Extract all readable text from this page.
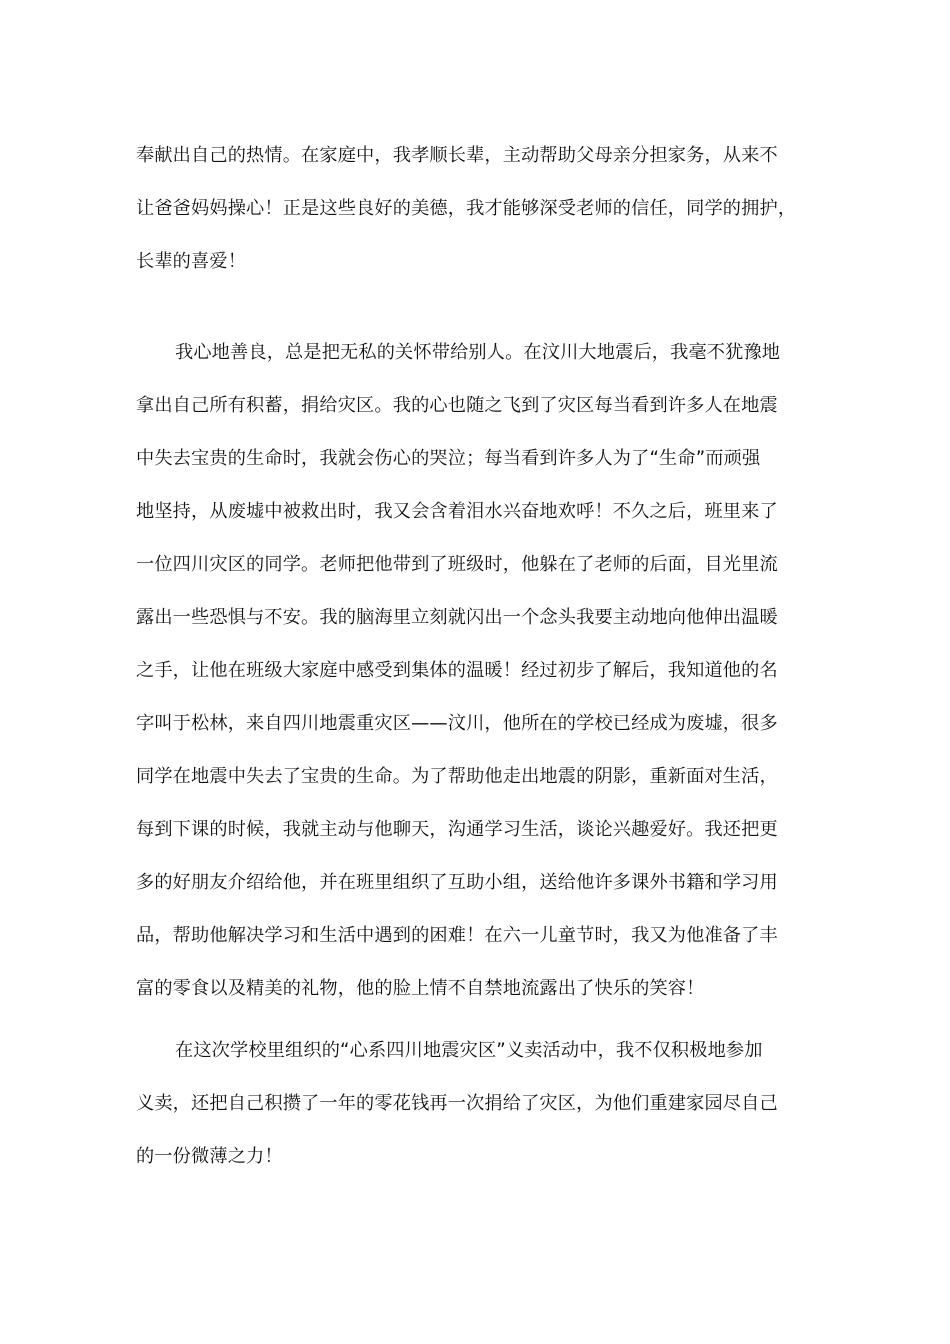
奉献出自己的热情。在家庭中，我孝顺长辈，主动帮助父母亲分担家务，从来不
让爸爸妈妈操心！正是这些良好的美德，我才能够深受老师的信任，同学的拥护，
长辈的喜爱！
我心地善良，总是把无私的关怀带给别人。在汶川大地震后，我毫不犹豫地
拿出自己所有积蓄，捐给灾区。我的心也随之飞到了灾区每当看到许多人在地震
中失去宝贵的生命时，我就会伤心的哭泣；每当看到许多人为了“生命”而顽强
地坚持，从废墟中被救出时，我又会含着泪水兴奋地欢呼！不久之后，班里来了
一位四川灾区的同学。老师把他带到了班级时，他躲在了老师的后面，目光里流
露出一些恐惧与不安。我的脑海里立刻就闪出一个念头我要主动地向他伸出温暖
之手，让他在班级大家庭中感受到集体的温暖！经过初步了解后，我知道他的名
字叫于松林，来自四川地震重灾区——汶川，他所在的学校已经成为废墟，很多
同学在地震中失去了宝贵的生命。为了帮助他走出地震的阴影，重新面对生活，
每到下课的时候，我就主动与他聊天，沟通学习生活，谈论兴趣爱好。我还把更
多的好朋友介绍给他，并在班里组织了互助小组，送给他许多课外书籍和学习用
品，帮助他解决学习和生活中遇到的困难！在六一儿童节时，我又为他准备了丰
富的零食以及精美的礼物，他的脸上情不自禁地流露出了快乐的笑容！
在这次学校里组织的“心系四川地震灾区”义卖活动中，我不仅积极地参加
义卖，还把自己积攒了一年的零花钱再一次捐给了灾区，为他们重建家园尽自己
的一份微薄之力！
